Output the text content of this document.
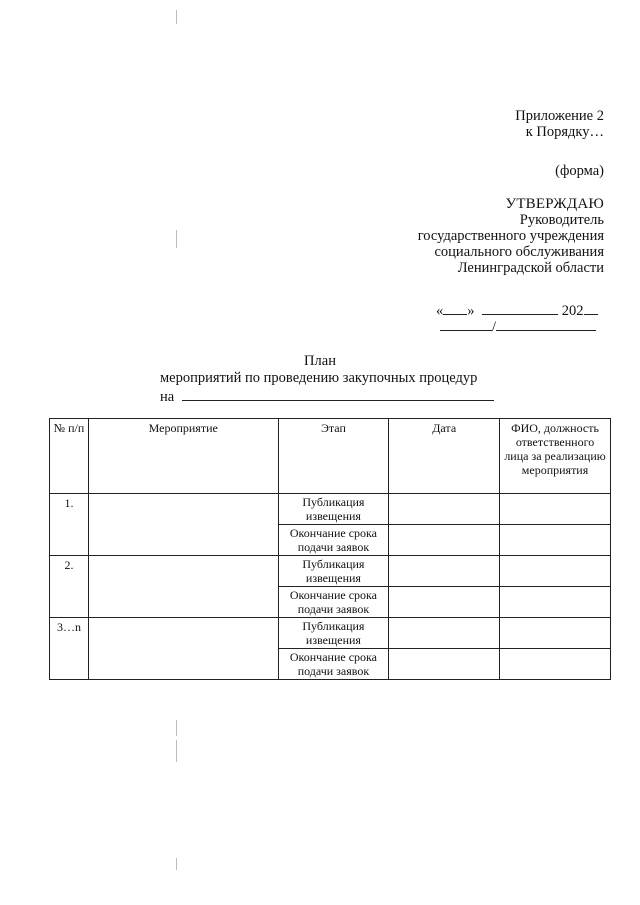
Приложение 2
к Порядку…
(форма)
УТВЕРЖДАЮ
Руководитель
государственного учреждения
социального обслуживания
Ленинградской области
« »	202
/
План
мероприятий по проведению закупочных процедур
на
№ п/п	Мероприятие	Этап	Дата	ФИО, должность ответственного лица за реализацию мероприятия
1.		Публикация извещения		
		Окончание срока подачи заявок		
2.		Публикация извещения		
		Окончание срока подачи заявок		
3…n		Публикация извещения		
		Окончание срока подачи заявок		
